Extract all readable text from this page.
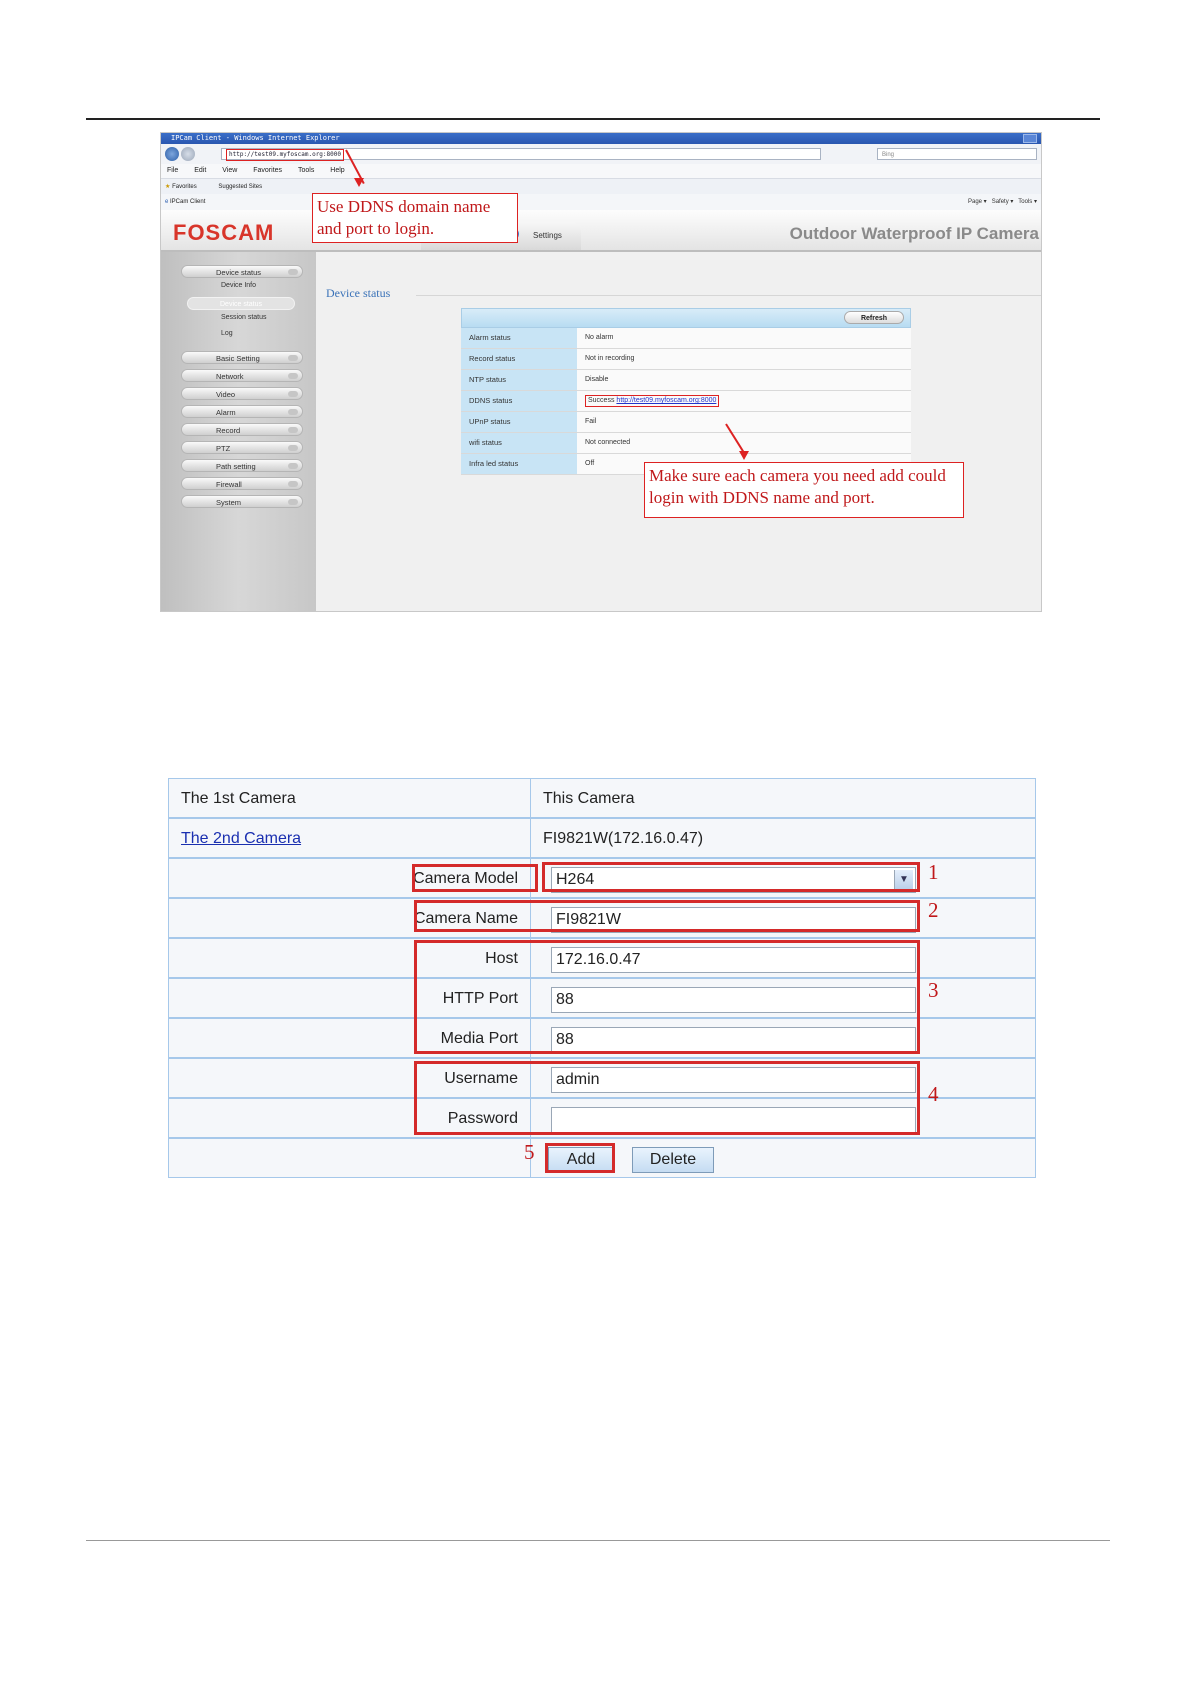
IPCam Client - Windows Internet Explorer
http://test09.myfoscam.org:8000	Bing
File Edit View Favorites Tools Help
★ Favorites	Suggested Sites
e IPCam Client	Page ▾   Safety ▾   Tools ▾
FOSCAM	Settings	Outdoor Waterproof IP Camera
Device status
Device Info
Device status
Session status
Log
Basic Setting
Network
Video
Alarm
Record
PTZ
Path setting
Firewall
System
Device status
Refresh
Alarm status	No alarm
Record status	Not in recording
NTP status	Disable
DDNS status	Success http://test09.myfoscam.org:8000
UPnP status	Fail
wifi status	Not connected
Infra led status	Off
Use DDNS domain name and port to login.
Make sure each camera you need add could login with DDNS name and port.
The 1st Camera	This Camera
The 2nd Camera	FI9821W(172.16.0.47)
Camera Model	H264	▼
Camera Name	FI9821W
Host	172.16.0.47
HTTP Port	88
Media Port	88
Username	admin
Password
Add	Delete
1
2
3
4
5
